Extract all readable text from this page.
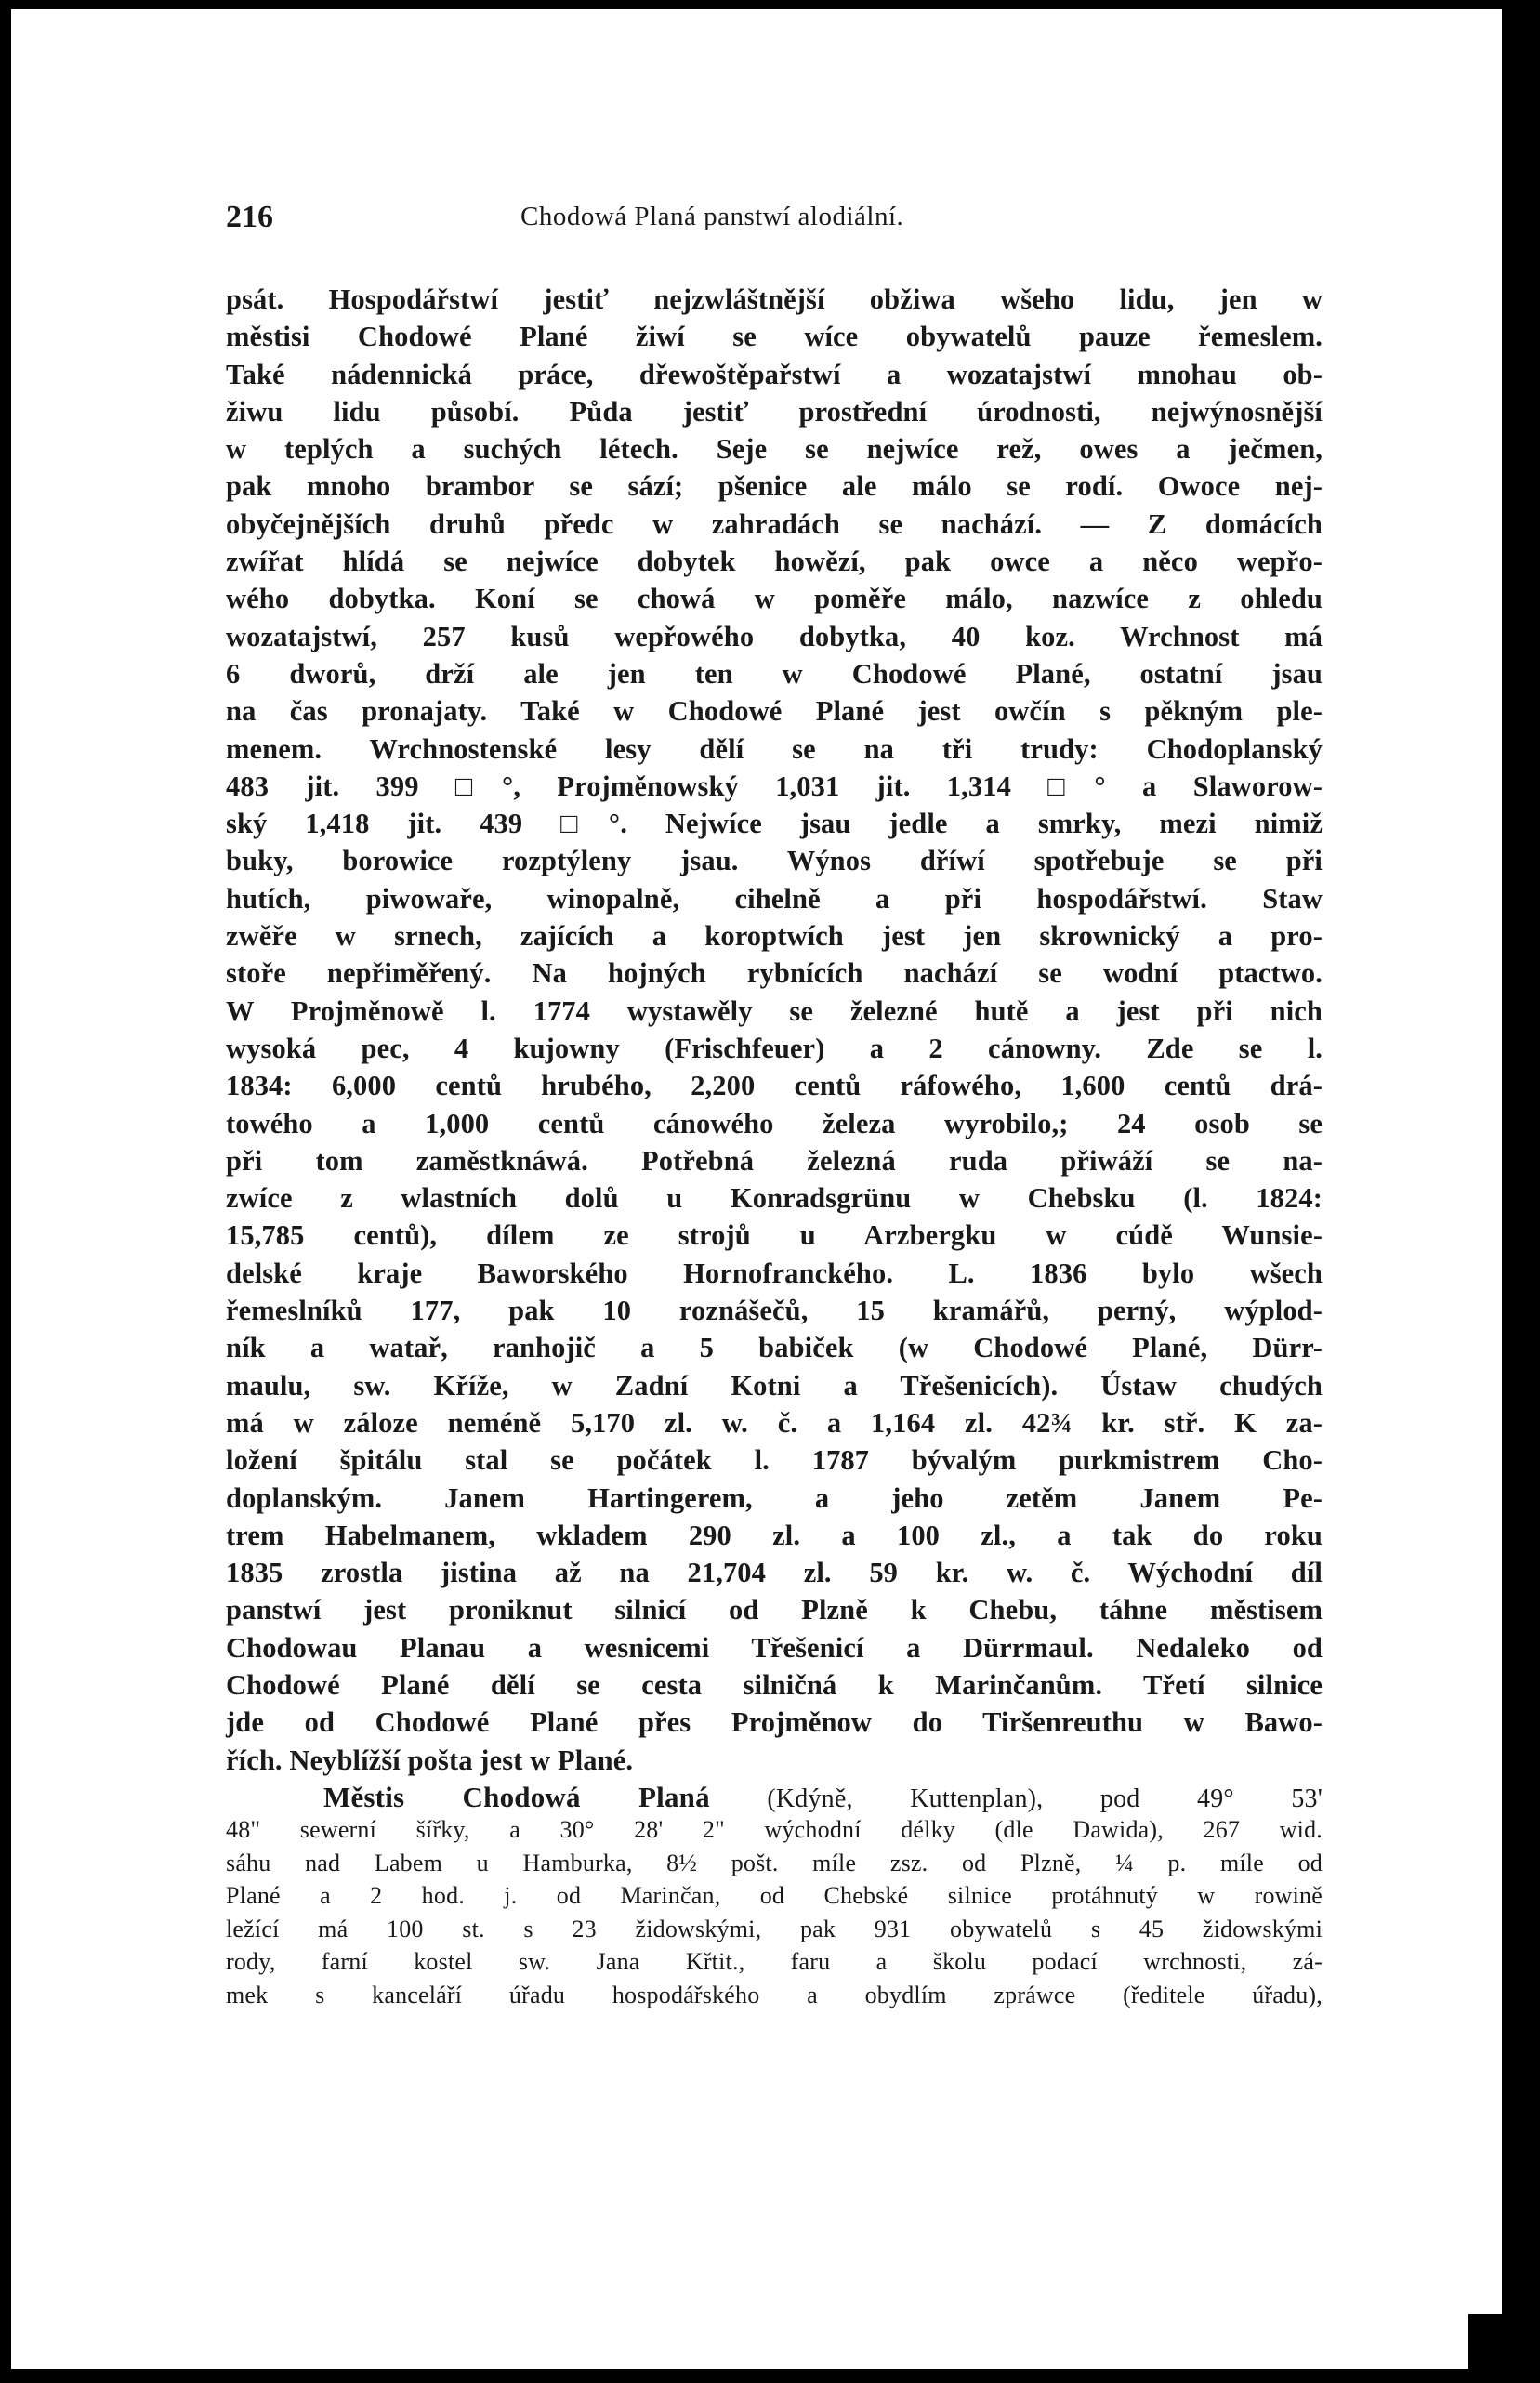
216	Chodowá Planá panstwí alodiální.
psát. Hospodářstwí jestiť nejzwláštnější obžiwa wšeho lidu, jen w
městisi Chodowé Plané žiwí se wíce obywatelů pauze řemeslem.
Také nádennická práce, dřewoštěpařstwí a wozatajstwí mnohau ob-
žiwu lidu působí. Půda jestiť prostřední úrodnosti, nejwýnosnější
w teplých a suchých létech. Seje se nejwíce rež, owes a ječmen,
pak mnoho brambor se sází; pšenice ale málo se rodí. Owoce nej-
obyčejnějších druhů předc w zahradách se nachází. — Z domácích
zwířat hlídá se nejwíce dobytek howězí, pak owce a něco wepřo-
wého dobytka. Koní se chowá w poměře málo, nazwíce z ohledu
wozatajstwí, 257 kusů wepřowého dobytka, 40 koz. Wrchnost má
6 dworů, drží ale jen ten w Chodowé Plané, ostatní jsau
na čas pronajaty. Také w Chodowé Plané jest owčín s pěkným ple-
menem. Wrchnostenské lesy dělí se na tři trudy: Chodoplanský
483 jit. 399 □°, Projměnowský 1,031 jit. 1,314 □° a Slaworow-
ský 1,418 jit. 439 □°. Nejwíce jsau jedle a smrky, mezi nimiž
buky, borowice rozptýleny jsau. Wýnos dříwí spotřebuje se při
hutích, piwowaře, winopalně, cihelně a při hospodářstwí. Staw
zwěře w srnech, zajících a koroptwích jest jen skrownický a pro-
stoře nepřiměřený. Na hojných rybnících nachází se wodní ptactwo.
W Projměnowě l. 1774 wystawěly se železné hutě a jest při nich
wysoká pec, 4 kujowny (Frischfeuer) a 2 cánowny. Zde se l.
1834: 6,000 centů hrubého, 2,200 centů ráfowého, 1,600 centů drá-
towého a 1,000 centů cánowého železa wyrobilo,; 24 osob se
při tom zaměstknáwá. Potřebná železná ruda přiwáží se na-
zwíce z wlastních dolů u Konradsgrünu w Chebsku (l. 1824:
15,785 centů), dílem ze strojů u Arzbergku w cúdě Wunsie-
delské kraje Baworského Hornofranckého. L. 1836 bylo wšech
řemeslníků 177, pak 10 roznášečů, 15 kramářů, perný, wýplod-
ník a watař, ranhojič a 5 babiček (w Chodowé Plané, Dürr-
maulu, sw. Kříže, w Zadní Kotni a Třešenicích). Ústaw chudých
má w záloze neméně 5,170 zl. w. č. a 1,164 zl. 42¾ kr. stř. K za-
ložení špitálu stal se počátek l. 1787 bývalým purkmistrem Cho-
doplanským. Janem Hartingerem, a jeho zetěm Janem Pe-
trem Habelmanem, wkladem 290 zl. a 100 zl., a tak do roku
1835 zrostla jistina až na 21,704 zl. 59 kr. w. č. Wýchodní díl
panstwí jest proniknut silnicí od Plzně k Chebu, táhne městisem
Chodowau Planau a wesnicemi Třešenicí a Dürrmaul. Nedaleko od
Chodowé Plané dělí se cesta silničná k Marinčanům. Třetí silnice
jde od Chodowé Plané přes Projměnow do Tiršenreuthu w Bawo-
řích. Neyblížší pošta jest w Plané.
Městis Chodowá Planá (Kdýně, Kuttenplan), pod 49° 53'
48" sewerní šířky, a 30° 28' 2" wýchodní délky (dle Dawida), 267 wid.
sáhu nad Labem u Hamburka, 8½ pošt. míle zsz. od Plzně, ¼ p. míle od
Plané a 2 hod. j. od Marinčan, od Chebské silnice protáhnutý w rowině
ležící má 100 st. s 23 židowskými, pak 931 obywatelů s 45 židowskými
rody, farní kostel sw. Jana Křtit., faru a školu podací wrchnosti, zá-
mek s kanceláří úřadu hospodářského a obydlím zpráwce (ředitele úřadu),
